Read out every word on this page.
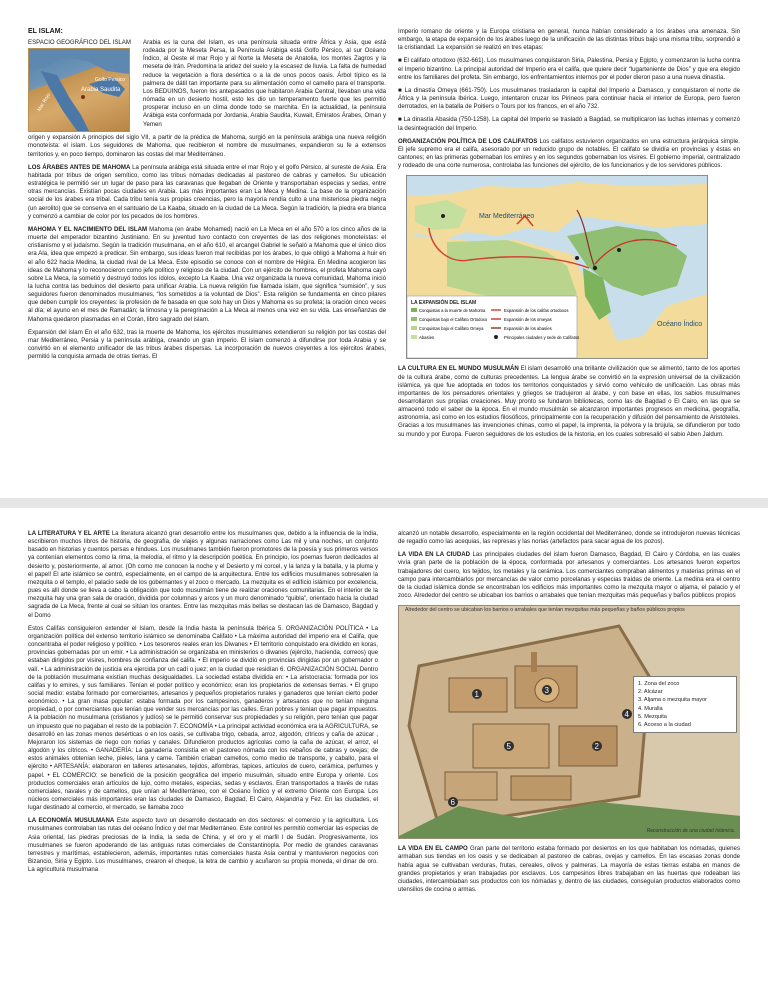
EL ISLAM:
ESPACIO GEOGRÁFICO DEL ISLAM
Arabia Saudita
Mar Rojo
Golfo Pérsico

Arabia es la cuna del Islam, es una península situada entre África y Asia, que está rodeada por la Meseta Persa, la Península Arábiga está Golfo Pérsico, al sur Océano Índico, al Oeste el mar Rojo y al Norte la Meseta de Anatolia, los montes Zagros y la meseta de Irán. Predomina la aridez del suelo y la escasez de lluvia. La falta de humedad reduce la vegetación a flora desértica o a la de unos pocos oasis. Árbol típico es la palmera de dátil tan importante para su alimentación como el camello para el transporte. Los BEDUINOS, fueron los antepasados que habitaron Arabia Central, llevaban una vida nómada en un desierto hostil, esto les dio un temperamento fuerte que les permitió prosperar incluso en un clima donde todo se marchita. En la actualidad, la península Arábiga esta conformada por Jordania, Arabia Saudita, Kuwait, Emiratos Árabes, Oman y Yemen

origen y expansión A principios del siglo VII, a partir de la prédica de Mahoma, surgió en la península arábiga una nueva religión monoteísta: el islam. Los seguidores de Mahoma, que recibieron el nombre de musulmanes, expandieron su fe a extensos territorios y, en poco tiempo, dominaron las costas del mar Mediterráneo.

LOS ÁRABES ANTES DE MAHOMA La península arábiga está situada entre el mar Rojo y el golfo Pérsico, al sureste de Asia. Era habitada por tribus de origen semítico, como las tribus nómadas dedicadas al pastoreo de cabras y camellos. Su ubicación estratégica le permitió ser un lugar de paso para las caravanas que llegaban de Oriente y transportaban especias y sedas, entre otras mercancías. Existían pocas ciudades en Arabia. Las más importantes eran La Meca y Medina. La base de la organización social de los árabes era tribal. Cada tribu tenía sus propias creencias, pero la mayoría rendía culto a una misteriosa piedra negra (un aerolito) que se conserva en el santuario de La Kaaba, situado en la ciudad de La Meca. Según la tradición, la piedra era blanca y comenzó a cambiar de color por los pecados de los hombres.

MAHOMA Y EL NACIMIENTO DEL ISLAM Mahoma (en árabe Mohamed) nació en La Meca en el año 570 a los cinco años de la muerte del emperador bizantino Justiniano. En su juventud tuvo contacto con creyentes de las dos religiones monoteístas: el cristianismo y el judaísmo. Según la tradición musulmana, en el año 610, el arcangel Gabriel le señaló a Mahoma que el único dios era Ala, idea que empezó a predicar. Sin embargo, sus ideas fueron mal recibidas por los árabes, lo que obligó a Mahoma a huir en el año 622 hacia Medina, la ciudad rival de La Meca. Este episodio se conoce con el nombre de Hégira. En Medina acogieron las ideas de Mahoma y lo reconocieron como jefe político y religioso de la ciudad. Con un ejército de hombres, el profeta Mahoma cayó sobre La Meca, la sometió y destruyó todos los ídolos, excepto La Kaaba. Una vez organizada la nueva comunidad, Mahoma inició la lucha contra las beduinos del desierto para unificar Arabia. La nueva religión fue llamada islam, que significa “sumisión”, y sus seguidores fueron denominados musulmanes, “los sometidos a la voluntad de Dios”. Esta religión se fundamenta en cinco pilares que deben cumplir los creyentes: la profesión de fe basada en que solo hay un Dios y Mahoma es su profeta; la oración cinco veces al día; el ayuno en el mes de Ramadán; la limosna y la peregrinación a La Meca al menos una vez en su vida. Las enseñanzas de Mahoma quedaron plasmadas en el Corán, libro sagrado del islam.

Expansión del islam En el año 632, tras la muerte de Mahoma, los ejércitos musulmanes extendieron su religión por las costas del mar Mediterráneo, Persia y la península arábiga, creando un gran imperio. El islam comenzó a difundirse por toda Arabia y se convirtió en el elemento unificador de las tribus árabes dispersas. La incorporación de nuevos creyentes a los ejércitos árabes, permitió la conquista armada de otras tierras. El

Imperio romano de oriente y la Europa cristiana en general, nunca habían considerado a los árabes una amenaza. Sin embargo, la etapa de expansión de los árabes luego de la unificación de las distintas tribus bajo una misma tribu, sorprendió a la cristiandad. La expansión se realizó en tres etapas:

■ El califato ortodoxo (632-661). Los musulmanes conquistaron Siria, Palestina, Persia y Egipto, y comenzaron la lucha contra el Imperio bizantino. La principal autoridad del Imperio era el califa, que quiere decir “lugarteniente de Dios” y que era elegido entre los familiares del profeta. Sin embargo, los enfrentamientos internos por el poder dieron paso a una nueva dinastía.

■ La dinastía Omeya (661-750). Los musulmanes trasladaron la capital del Imperio a Damasco, y conquistaron el norte de África y la península Ibérica. Luego, intentaron cruzar los Pirineos para continuar hacia el interior de Europa, pero fueron derrotados, en la batalla de Poitiers o Tours por los francos, en el año 732.

■ La dinastía Abasida (750-1258). La capital del Imperio se trasladó a Bagdad, se multiplicaron las luchas internas y comenzó la desintegración del Imperio.

ORGANIZACIÓN POLÍTICA DE LOS CALIFATOS Los califatos estuvieron organizados en una estructura jerárquica simple. El jefe supremo era el califa, asesorado por un reducido grupo de notables. El califato se dividía en provincias y éstas en cantones; en las primeras gobernaban los emires y en los segundos gobernaban los visires. El gobierno imperial, centralizado y rodeado de una corte numerosa, controlaba las funciones del ejército, de los funcionarios y de los servidores públicos.

Mar Mediterráneo
Océano Índico
LA EXPANSIÓN DEL ISLAM
Conquistas a la muerte de Mahoma
Conquistas bajo el Califato Ortodoxo
Conquistas bajo el Califato Omeya
Abasíes
Expansión de los califas ortodoxos
Expansión de los omeyas
Expansión de los abasíes
Principales ciudades y sede de Califatos

LA CULTURA EN EL MUNDO MUSULMÁN El islam desarrolló una brillante civilización que se alimentó, tanto de los aportes de la cultura árabe, como de culturas precedentes. La lengua árabe se convirtió en la expresión universal de la civilización islámica, ya que fue adoptada en todos los territorios conquistados y sirvió como vehículo de unificación. Las obras más importantes de los pensadores orientales y griegos se tradujeron al árabe, y con base en ellas, los sabios musulmanes desarrollaron sus propias creaciones. Muy pronto se fundaron bibliotecas, como las de Bagdad o El Cairo, en las que se almacenó todo el saber de la época. En el mundo musulmán se alcanzaron importantes progresos en medicina, geografía, astronomía, así como en los estudios filosóficos, principalmente con la recuperación y difusión del pensamiento de Aristóteles. Gracias a los musulmanes las invenciones chinas, como el papel, la imprenta, la pólvora y la brújula, se difundieron por todo su mundo y por Europa. Fueron seguidores de los estudios de la historia, en los cuales sobresalió el sabio Aben Jaldum.

LA LITERATURA Y EL ARTE La literatura alcanzó gran desarrollo entre los musulmanes que, debido a la influencia de la India, escribieron muchos libros de historia, de geografía, de viajes y algunas narraciones como Las mil y una noches, un conjunto basado en historias y cuentos persas e hindues. Los musulmanes también fueron promotores de la poesía y sus primeros versos ya contenían elementos como la rima, la melodía, el ritmo y la descripción poética. En principio, los poemas fueron dedicados al desierto y, posteriormente, al amor. (Oh como me conocen la noche y el Desierto y mi corcel, y la lanza y la batalla, y la pluma y el papel! El arte islámico se centró, especialmente, en el campo de la arquitectura. Entre los edificios musulmanes sobresalen la mezquita o el templo, el palacio sede de los gobernantes y el zoco o mercado. La mezquita es el edificio islámico por excelencia, pues es allí donde se lleva a cabo la obligación que todo musulmán tiene de realizar oraciones comunitarias. En el interior de la mezquita hay una gran sala de oración, dividida por columnas y arcos y un muro denominado “quibla”, orientado hacia la ciudad sagrada de La Meca, frente al cual se sitúan los orantes. Entre las mezquitas más bellas se destacan las de Damasco, Bagdad y el Domo

Estos Califas consiguieron extender el Islam, desde la India hasta la península Ibérica 5. ORGANIZACIÓN POLÍTICA • La organización política del extenso territorio islámico se denominaba Califato • La máxima autoridad del imperio era el Califa, que concentraba el poder religioso y político. • Los tesoreros reales eran los Diwanes • El territorio conquistado era dividido en koras, provincias gobernadas por un emir. • La administración se organizaba en ministerios o diwanes (ejército, hacienda, correos) que estaban dirigidos por visires, hombres de confianza del califa. • El imperio se dividió en provincias dirigidas por un gobernador o valí. • La administración de justicia era ejercida por un cadí o juez; en la ciudad que residían 6. ORGANIZACIÓN SOCIAL Dentro de la población musulmana existían muchas desigualdades. La sociedad estaba dividida en: • La aristocracia: formada por los califas y lo emires, y sus familiares. Tenían el poder político y económico; eran los propietarios de extensas tierras. • El grupo social medio: estaba formado por comerciantes, artesanos y pequeños propietarios rurales y ganaderos que tenían cierto poder económico. • La gran masa popular: estaba formada por los campesinos, ganaderos y artesanos que no tenían ninguna propiedad, o por comerciantes que tenían que vender sus mercancías por las calles. Eran pobres y tenían que pagar impuestos. A la población no musulmana (cristianos y judíos) se le permitió conservar sus propiedades y su religión, pero tenían que pagar un impuesto que no pagaban el resto de la población 7. ECONOMÍA • La principal actividad económica era la AGRICULTURA, se desarrolló en las zonas menos desérticas o en los oasis, se cultivaba trigo, cebada, arroz, algodón, cítricos y caña de azúcar , Mejoraron los sistemas de riego con norias y canales. Difundieron productos agrícolas como la caña de azúcar, el arroz, el algodón y los cítricos. • GANADERÍA: La ganadería consistía en el pastoreo nómada con los rebaños de cabras y ovejas; de estos animales obtenían leche, pieles, lana y carne. También criaban camellos, como medio de transporte, y caballo, para el ejército • ARTESANÍA: elaboraron en talleres artesanales, tejidos, alfombras, tapices, artículos de cuero, cerámica, perfumes y papel. • EL COMERCIO: se benefició de la posición geográfica del imperio musulmán, situado entre Europa y oriente. Los productos comerciales eran artículos de lujo, como metales, especias, sedas y esclavos. Eran transportados a través de rutas comerciales, navales y de camellos, que unían al Mediterráneo, con el Océano Índico y el extremo Oriente con Europa. Los núcleos comerciales más importantes eran las ciudades de Damasco, Bagdad, El Cairo, Alejandría y Fez. En las ciudades, el lugar destinado al comercio, el mercado, se llamaba zoco

LA ECONOMÍA MUSULMANA Este aspecto tuvo un desarrollo destacado en dos sectores: el comercio y la agricultura. Los musulmanes controlaban las rutas del océano Índico y del mar Mediterráneo. Este control les permitió comerciar las especias de Asia oriental, las piedras preciosas de la India, la seda de China, y el oro y el marfil l de Sudán. Progresivamente, los musulmanes se fueron apoderando de las antiguas rutas comerciales de Constantinopla. Por medio de grandes caravanas terrestres y marítimas, establecieron, además, importantes rutas comerciales hasta Asia central y mantuvieron negocios con Bizancio, Siria y Egipto. Los musulmanes, crearon el cheque, la letra de cambio y acuñaron su propia moneda, el dinar de oro. La agricultura musulmana

alcanzó un notable desarrollo, especialmente en la región occidental del Mediterráneo, donde se introdujeron nuevas técnicas de regadío como las acequias, las represas y las norias (artefactos para sacar agua de los pozos).

LA VIDA EN LA CIUDAD Las principales ciudades del islam fueron Damasco, Bagdad, El Cairo y Córdoba, en las cuales vivía gran parte de la población de la época, conformada por artesanos y comerciantes. Los artesanos fueron expertos trabajadores del cuero, los tejidos, los metales y la cerámica. Los comerciantes compraban alimentos y materias primas en el campo para intercambiarlos por mercancías de valor como porcelanas y especias traídas de oriente. La medina era el centro de la ciudad islámica donde se encontraban los edificios más importantes como la mezquita mayor o aljama, el palacio y el zoco. Alrededor del centro se ubicaban los barrios o arrabales que tenían mezquitas más pequeñas y baños públicos propios

Alrededor del centro se ubicaban los barrios o arrabales que tenían mezquitas más pequeñas y baños públicos propios
1
2
3
4
5
6
1. Zona del zoco
2. Alcázar
3. Aljama o mezquita mayor
4. Muralla
5. Mezquita
6. Acceso a la ciudad
Reconstrucción de una ciudad Islámica.

LA VIDA EN EL CAMPO Gran parte del territorio estaba formado por desiertos en los que habitaban los nómadas, quienes armaban sus tiendas en los oasis y se dedicaban al pastoreo de cabras, ovejas y camellos. En las escasas zonas donde había agua se cultivaban verduras, frutas, cereales, olivos y palmeras. La mayoría de estas tierras estaba en manos de grandes propietarios y eran trabajadas por esclavos. Los campesinos libres trabajaban en las huertas que rodeaban las ciudades, intercambiaban sus productos con los nómadas y, dentro de las ciudades, conseguían productos elaborados como utensilios de cocina o armas.
